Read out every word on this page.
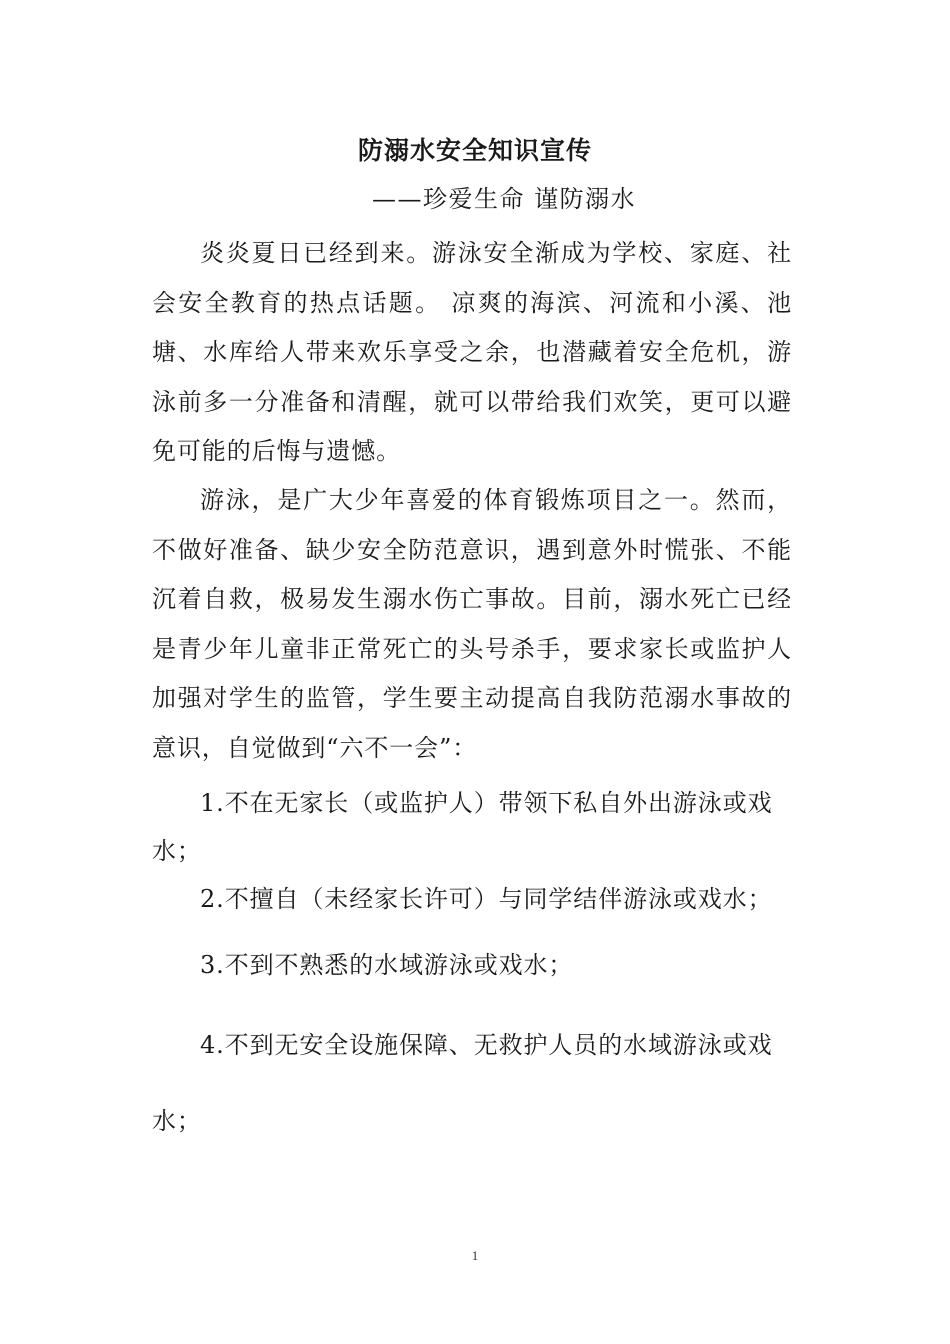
防溺水安全知识宣传
——珍爱生命 谨防溺水
炎炎夏日已经到来。游泳安全渐成为学校、家庭、社会安全教育的热点话题。 凉爽的海滨、河流和小溪、池塘、水库给人带来欢乐享受之余，也潜藏着安全危机，游泳前多一分准备和清醒，就可以带给我们欢笑，更可以避免可能的后悔与遗憾。
游泳，是广大少年喜爱的体育锻炼项目之一。然而，不做好准备、缺少安全防范意识，遇到意外时慌张、不能沉着自救，极易发生溺水伤亡事故。目前，溺水死亡已经是青少年儿童非正常死亡的头号杀手，要求家长或监护人加强对学生的监管，学生要主动提高自我防范溺水事故的意识，自觉做到“六不一会”：
1.不在无家长（或监护人）带领下私自外出游泳或戏水；
2.不擅自（未经家长许可）与同学结伴游泳或戏水；
3.不到不熟悉的水域游泳或戏水；
4.不到无安全设施保障、无救护人员的水域游泳或戏水；
1
